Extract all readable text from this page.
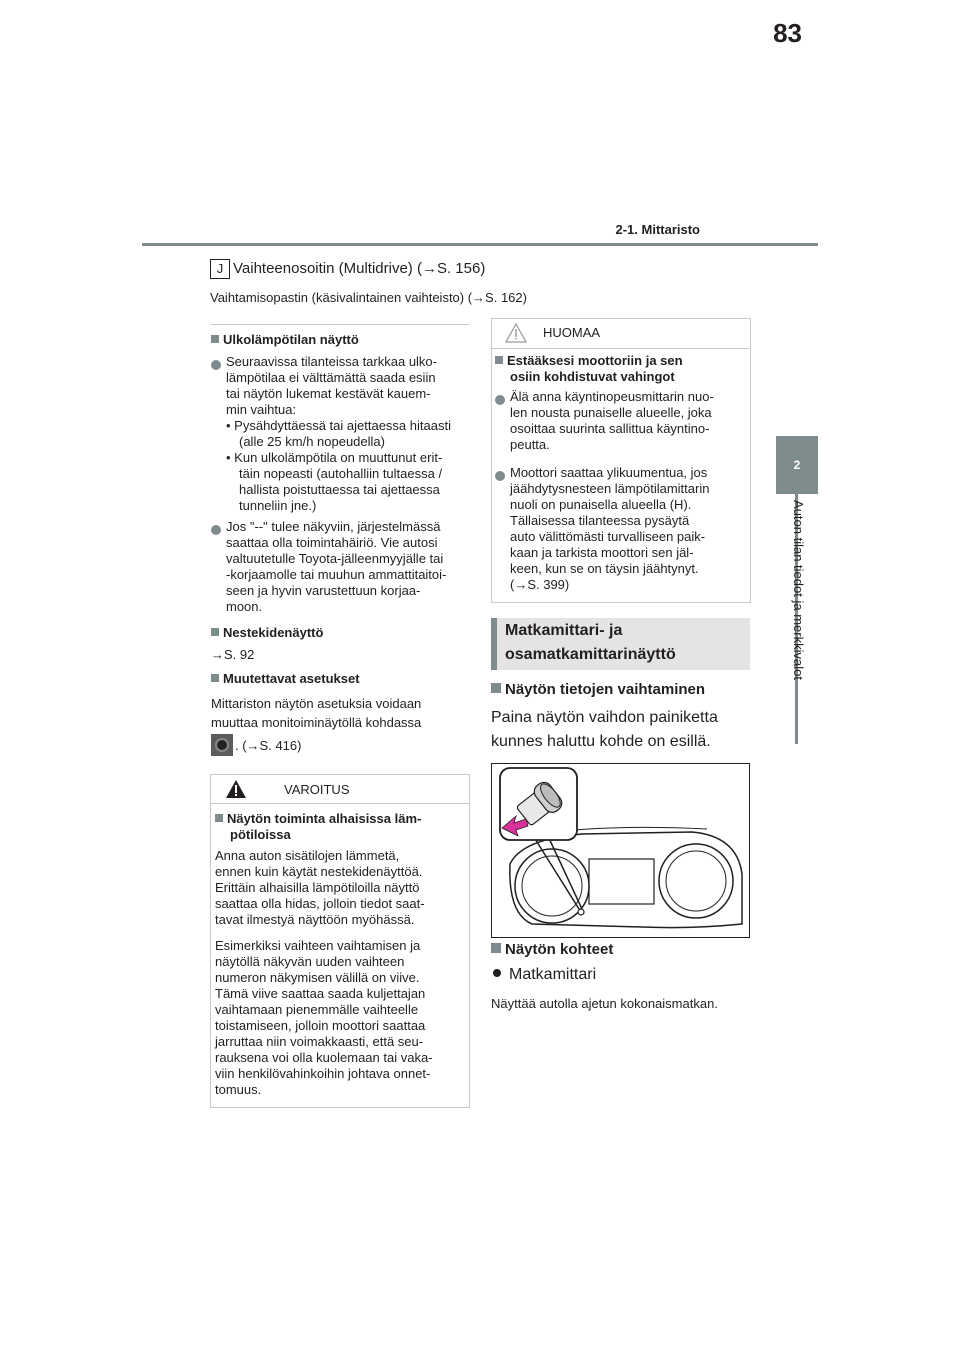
2-1. Mittaristo
83
2
Auton tilan tiedot ja merkkivalot
J Vaihteenosoitin (Multidrive) (→S. 156)
Vaihtamisopastin (käsivalintainen vaihteisto) (→S. 162)
Ulkolämpötilan näyttö
Seuraavissa tilanteissa tarkkaa ulko-
lämpötilaa ei välttämättä saada esiin
tai näytön lukemat kestävät kauem-
min vaihtua:
• Pysähdyttäessä tai ajettaessa hitaasti
(alle 25 km/h nopeudella)
• Kun ulkolämpötila on muuttunut erit-
täin nopeasti (autohalliin tultaessa /
hallista poistuttaessa tai ajettaessa
tunneliin jne.)
Jos "--" tulee näkyviin, järjestelmässä
saattaa olla toimintahäiriö. Vie autosi
valtuutetulle Toyota-jälleenmyyjälle tai
-korjaamolle tai muuhun ammattitaitoi-
seen ja hyvin varustettuun korjaa-
moon.
Nestekidenäyttö
→S. 92
Muutettavat asetukset
Mittariston näytön asetuksia voidaan
muuttaa monitoiminäytöllä kohdassa
. (→S. 416)
VAROITUS
Näytön toiminta alhaisissa läm-
pötiloissa
Anna auton sisätilojen lämmetä,
ennen kuin käytät nestekidenäyttöä.
Erittäin alhaisilla lämpötiloilla näyttö
saattaa olla hidas, jolloin tiedot saat-
tavat ilmestyä näyttöön myöhässä.
Esimerkiksi vaihteen vaihtamisen ja
näytöllä näkyvän uuden vaihteen
numeron näkymisen välillä on viive.
Tämä viive saattaa saada kuljettajan
vaihtamaan pienemmälle vaihteelle
toistamiseen, jolloin moottori saattaa
jarruttaa niin voimakkaasti, että seu-
rauksena voi olla kuolemaan tai vaka-
viin henkilövahinkoihin johtava onnet-
tomuus.
HUOMAA
Estääksesi moottoriin ja sen
osiin kohdistuvat vahingot
Älä anna käyntinopeusmittarin nuo-
len nousta punaiselle alueelle, joka
osoittaa suurinta sallittua käyntino-
peutta.
Moottori saattaa ylikuumentua, jos
jäähdytysnesteen lämpötilamittarin
nuoli on punaisella alueella (H).
Tällaisessa tilanteessa pysäytä
auto välittömästi turvalliseen paik-
kaan ja tarkista moottori sen jäl-
keen, kun se on täysin jäähtynyt.
(→S. 399)
Matkamittari- ja
osamatkamittarinäyttö
Näytön tietojen vaihtaminen
Paina näytön vaihdon painiketta
kunnes haluttu kohde on esillä.
Näytön kohteet
Matkamittari
Näyttää autolla ajetun kokonaismatkan.
